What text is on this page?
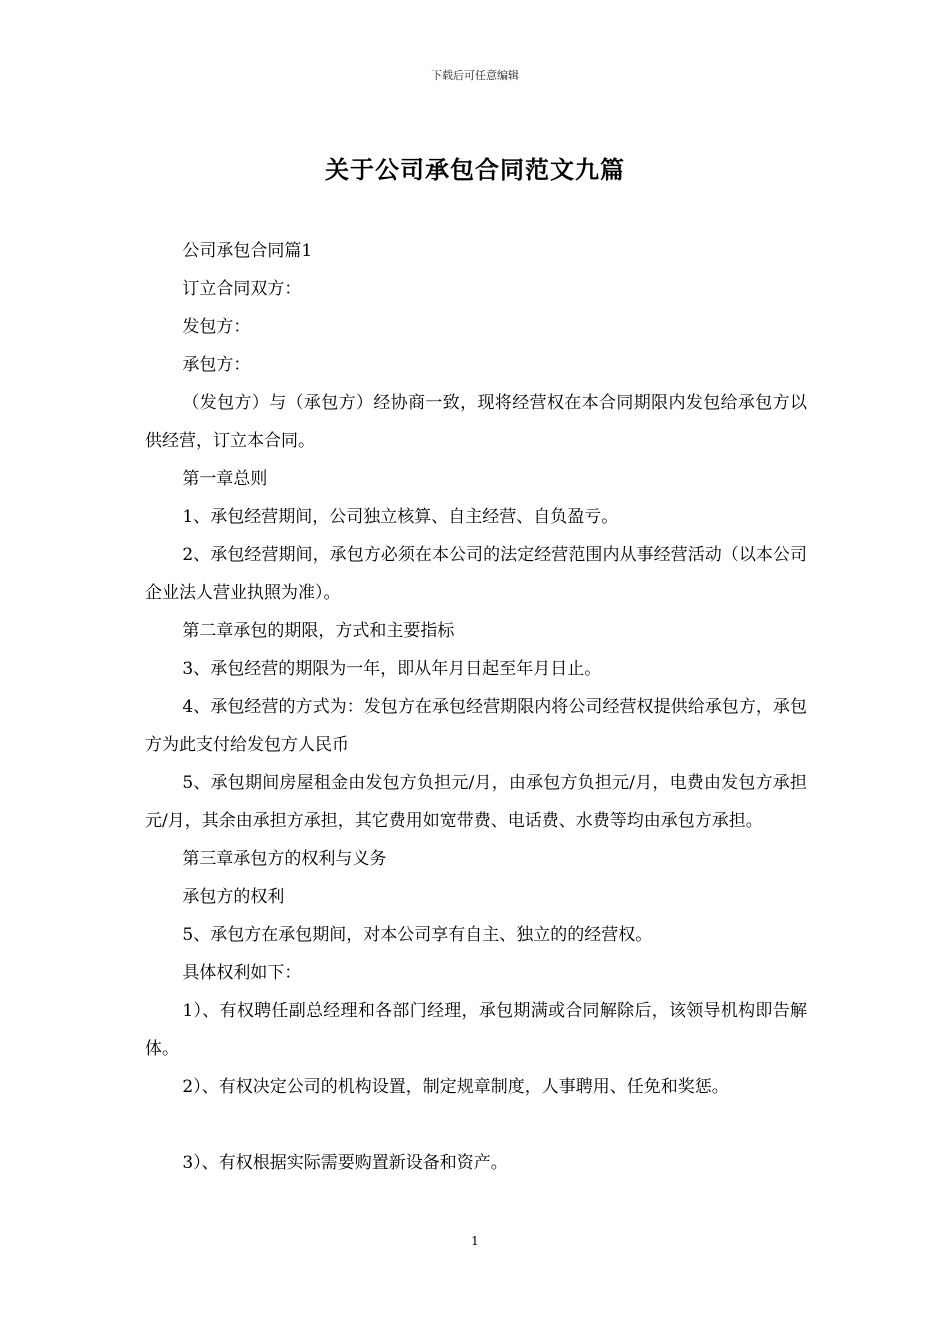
下载后可任意编辑
关于公司承包合同范文九篇

公司承包合同篇1

订立合同双方：

发包方：

承包方：

（发包方）与（承包方）经协商一致，现将经营权在本合同期限内发包给承包方以供经营，订立本合同。

第一章总则

1、承包经营期间，公司独立核算、自主经营、自负盈亏。

2、承包经营期间，承包方必须在本公司的法定经营范围内从事经营活动（以本公司企业法人营业执照为准）。

第二章承包的期限，方式和主要指标

3、承包经营的期限为一年，即从年月日起至年月日止。

4、承包经营的方式为：发包方在承包经营期限内将公司经营权提供给承包方，承包方为此支付给发包方人民币

5、承包期间房屋租金由发包方负担元/月，由承包方负担元/月，电费由发包方承担元/月，其余由承担方承担，其它费用如宽带费、电话费、水费等均由承包方承担。

第三章承包方的权利与义务

承包方的权利

5、承包方在承包期间，对本公司享有自主、独立的的经营权。

具体权利如下：

1）、有权聘任副总经理和各部门经理，承包期满或合同解除后，该领导机构即告解体。

2）、有权决定公司的机构设置，制定规章制度，人事聘用、任免和奖惩。

3）、有权根据实际需要购置新设备和资产。

1
